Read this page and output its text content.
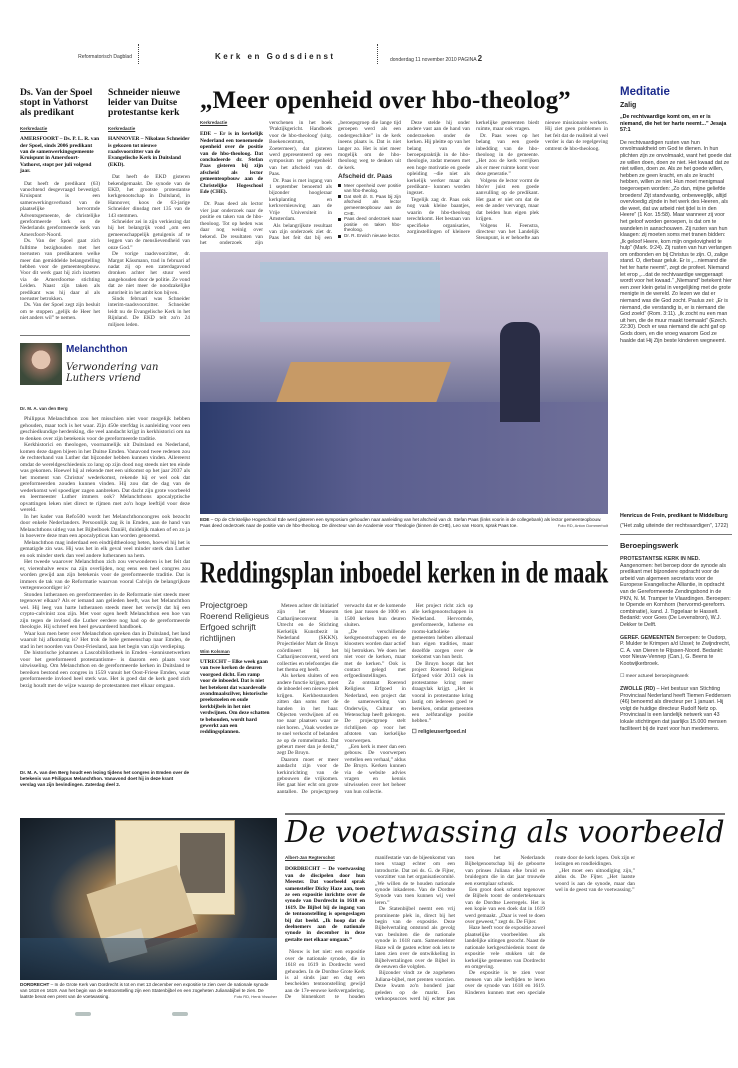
Reformatorisch Dagblad	Kerk en Godsdienst	donderdag 11 november 2010 PAGINA 2
Ds. Van der Spoel stopt in Vathorst als predikant
Kerkredactie
AMERSFOORT – Ds. P. L. R. van der Spoel, sinds 2006 predikant van de samenwerkingsgemeente Kruispunt in Amersfoort-Vathorst, stopt per juli volgend jaar.

Dat heeft de predikant (63) vanochtend desgevraagd bevestigd. Kruispunt is een samenwerkingsverband van de plaatselijke hervormde Adventsgemeente, de christelijke gereformeerde kerk en de Nederlands gereformeerde kerk van Amersfoort-Noord.

Ds. Van der Spoel gaat zich fulltime bezighouden met het toerusten van predikanten welke meer dan gemiddelde belangstelling hebben voor de gemeenteopbouw. Voor dit werk gaat hij zich inzetten via de Amersfoortse stichting Leiden. Naast zijn taken als predikant was hij daar al als toeruster betrokken.

Ds. Van der Spoel zegt zijn besluit om te stoppen „gelijk de Heer het niet anders wil” te nemen.

Schneider nieuwe leider van Duitse protestantse kerk
Kerkredactie
HANNOVER – Nikolaus Schneider is gekozen tot nieuwe raadsvoorzitter van de Evangelische Kerk in Duitsland (EKD).

Dat heeft de EKD gisteren bekendgemaakt. De synode van de EKD, het grootste protestantse kerkgenootschap in Duitsland, in Hannover, koos de 63-jarige Schneider dinsdag met 135 van de 143 stemmen.

Schneider zei in zijn verkiezing dat hij het belangrijk vond „om een gemeenschappelijk getuigenis af te leggen van de menslievendheid van onze God.”

De vorige raadsvoorzitter, dr. Margot Kässmann, trad in februari af nadat zij op een zaterdagavond dronken achter het stuur werd aangehouden door de politie. Ze vond dat ze niet meer de noodzakelijke autoriteit in het ambt kon bijven.

Sinds februari was Schneider interim-raadsvoorzitter. Schneider leidt nu de Evangelische Kerk in het Rijnland. De EKD telt zo'n 24 miljoen leden.

„Meer openheid over hbo-theolog”
Kerkredactie
EDE – Er is in kerkelijk Nederland een toenemende openheid over de positie van de hbo-theoloog. Dat concludeerde dr. Stefan Paas gisteren bij zijn afscheid als lector gemeenteopbouw aan de Christelijke Hogeschool Ede (CHE).

Dr. Paas deed als lector vier jaar onderzoek naar de positie en taken van de hbo-theoloog. Tot op heden was daar nog weinig over bekend. De resultaten van het onderzoek zijn verschenen in het boek 'Praktijkgericht. Handboek voor de hbo-theoloog' (uitg. Boekencentrum, Zoetermeer), dat gisteren werd gepresenteerd op een symposium ter gelegenheid van het afscheid van dr. Paas.

Dr. Paas is met ingang van 1 september benoemd als bijzonder hoogleraar kerkplanting en kerkvernieuwing aan de Vrije Universiteit in Amsterdam.

Als belangrijkste resultaat van zijn onderzoek ziet dr. Paas het feit dat bij een „beroepsgroep die lange tijd geroepen werd als een ondergeschikte” in de kerk ineens plaats is. Dat is niet langer zo. Het is niet meer mogelijk om de hbo-theoloog weg te denken uit de kerk.

Afscheid dr. Paas
Meer openheid over positie van hbo-theolog.
Dat stelt dr. S. Paas bij zijn afscheid als lector gemeenteopbouw aan de CHE.
Paas deed onderzoek naar positie en taken hbo-theoloog.
Dr. R. Erwich nieuwe lector.

Deze stelde hij onder andere vast aan de hand van onderzoeken onder de kerken. Hij pleitte op van het belang van de beroepspraktijk in de hbo-theologie, zodat mensen met een hoge motivatie en goede opleiding –die niet als kerkelijk werker maar als predikant– kunnen worden ingezet.

Tegelijk zag dr. Paas ook nog vaak kleine baantjes, waarin de hbo-theoloog terechtkomt. Het bestaan van specifieke organisaties, zorginstellingen of kleinere kerkelijke gemeenten biedt ruimte, maar ook vragen.

Dr. Paas wees op het belang van een goede inbedding van de hbo-theoloog in de gemeente. „Het zou de kerk verrijken als er meer ruimte komt voor deze generatie.”

Volgens de lector vormt de hbo'er juist een goede aanvulling op de predikant. Het gaat er niet om dat de een de ander vervangt, maar dat beiden hun eigen plek krijgen.

Volgens H. Feenstra, directeur van het Landelijk Steunpunt, is er behoefte aan nieuwe missionaire werkers. Hij ziet geen problemen in het feit dat de realiteit al veel verder is dan de regelgeving omtrent de hbo-theoloog.

EDE – Op de Christelijke Hogeschool Ede werd gisteren een symposium gehouden naar aanleiding van het afscheid van dr. Stefan Paas (links voorin in de collegebank) als lector gemeenteopbouw. Paas deed onderzoek naar de positie van de hbo-theoloog. De directeur van de Academie voor Theologie (binnen de CHE), Leo van Hoorn, sprak Paas toe.	Foto RD, Anton Dommerholt
Melanchthon
Verwondering van Luthers vriend
Dr. M. A. van den Berg

Philippus Melanchthon zou het misschien niet voor mogelijk hebben gehouden, maar toch is het waar. Zijn 450e sterfdag is aanleiding voor een geschiedkundige herdenking, die veel aandacht krijgt in kerkhistorici om na te denken over zijn betekenis voor de gereformeerde traditie.

Kerkhistorici en theologen, voornamelijk uit Duitsland en Nederland, komen deze dagen bijeen in het Duitse Emden. Vanavond twee redenen zou de rechterhand van Luther dat bijzonder hebben kunnen vinden. Allereerst omdat de wereldgeschiedenis zo lang op zijn dood nog steeds niet ten einde was gekomen. Hoewel hij al rekende met een uitkomst op het jaar 2037 als het moment van Christus' wederkomst, rekende hij er wel ook dat gereformeerden zouden kunnen vinden. Hij zou dat de dag van de wederkomst wel spoediger zagen aanbreken. Dat dacht zijn grote voorbeeld en leermeester Luther immers ook? Melanchthons apocalyptische opvattingen leken niet direct te rijmen met zo'n hoge leeftijd voor deze wereld.

In het kader van Refo500 wordt het Melanchthoncongres ook bezocht door enkele Nederlanders. Persoonlijk zag ik in Emden, aan de hand van Melanchthons uitleg van het Bijbelboek Daniël, duidelijk maken of en zo ja in hoeverre deze man een apocalypticus kan worden genoemd.

Melanchthon mag inderdaad een eindtijdtheoloog heten, hoewel hij het is gematigde zin was. Hij was het in elk geval veel minder sterk dan Luther en ook minder sterk dan veel andere lutheranen na hem.

Het tweede waarover Melanchthon zich zou verwonderen is het feit dat er, vierenhalve eeuw na zijn overlijden, nog eens een heel congres zou worden gewijd aan zijn betekenis voor de gereformeerde traditie. Dat is immers de tak van de Reformatie waarvan vooral Calvijn de belangrijkste vertegenwoordiger is?

Stonden lutheranen en gereformeerden in de Reformatie niet steeds meer tegenover elkaar? Als er iemand aan gelieden heeft, was het Melanchthon wel. Hij leeg van harte lutheranen steeds meer het verwijt dat hij een crypto-calvinist zou zijn. Met voor ogen heeft Melanchthon een hoe van zijn tegen de invloed die Luther eerdere nog had op de gereformeerde theologie. Hij schreef een heel gewaardeerd handboek.

Waar kun men beter over Melanchthon spreken dan in Duitsland, het land waaruit hij afkomstig is? Het trok de hele gemeenschap naar Emden, de stad in het noorden van Oost-Friesland, aan het begin van zijn verdieping.

De historische johannes a Lascobibliotheek in Emden –kennisnetwerken voor het gereformeerd protestantisme– is daarom een plaats voor uitwisseling. Om Melanchthon en de gereformeerde kerken in Duitsland te bereiken bestond een congres in 1559 vanuit het Oost-Friese Emden, waar gereformeerde invloed heel sterk was. Het is goed dat de kerk goed zich bezig houdt met de wijze waarop de protestanten met elkaar omgaan.

Dr. M. A. van den Berg houdt een lezing tijdens het congres in Emden over de betekenis van Philippus Melanchthon. Vanavond doet hij in deze krant verslag van zijn bevindingen. Zaterdag deel 2.
Reddingsplan inboedel kerken in de maak
Projectgroep Roerend Religieus Erfgoed schrijft richtlijnen
Wim Kolsman
UTRECHT – Elke week gaan van twee kerken de deuren voorgoed dicht. Een ramp voor de inboedel. Dat is niet het betekent dat waardevolle avondmaalszilver, historische preekstoelen en oude kerkbijbels in het niet verdwijnen. Om deze schatten te behouden, wordt hard gewerkt aan een reddingsplannen.

Meteen achter dit initiatief zijn het Museum Catharijneconvent in Utrecht en de Stichting Kerkelijk Kunstbezit in Nederland (SKKN). Projectleider Mart de Bruyn coördineert bij het Catharijneconvent, werd om collecties en telefoontjes die het thema erg heeft.

Als kerken sluiten of een andere functie krijgen, moet de inboedel een nieuwe plek krijgen. Kerkbestuurders zitten dan soms met de handen in het haar. Objecten verdwijnen af en toe naar plaatsen waar ze niet horen. „Vaak worden ze te snel verkocht of belanden ze op de rommelmarkt. Dat gebeurt meer dan je denkt,” zegt De Bruyn.

Daarom moet er meer aandacht zijn voor de kerkinrichting van de gebouwen die vrijkomen. Het gaat hier echt om grote aantallen. De projectgroep verwacht dat er de komende tien jaar tussen de 1000 en 1500 kerken hun deuren sluiten.

„De verschillende kerkgenootschappen en de kloosters worden daar actief bij betrokken. We doen het niet voor de kerken, maar met de kerken.” Ook is contact gelegd met erfgoedinstellingen.

Zo ontstaat Roerend Religieus Erfgoed in Nederland, een project dat de samenwerking van Onderwijs, Cultuur en Wetenschap heeft gekregen. De projectgroep stelt richtlijnen op voor het afstoten van kerkelijke voorwerpen.

„Een kerk is meer dan een gebouw. De voorwerpen vertellen een verhaal,” aldus De Bruyn. Kerken kunnen via de website advies vragen en kennis uitwisselen over het beheer van hun collectie.

Het project richt zich op alle kerkgenootschappen in Nederland. Hervormde, gereformeerde, lutherse en rooms-katholieke gemeenten hebben allemaal hun eigen tradities, maar dezelfde zorgen over de toekomst van hun bezit.

De Bruyn hoopt dat het project Roerend Religieus Erfgoed vóór 2013 ook in protestantse kring meer draagvlak krijgt. „Het is vooral in protestantse kring lastig om iedereen goed te bereiken, omdat gemeenten een zelfstandige positie hebben.”

☐ religieuserfgoed.nl
Meditatie
Zalig
„De rechtvaardige komt om, en er is niemand, die het ter harte neemt...” Jesaja 57:1
De rechtvaardigen rusten van hun onvolmaaktheid om God te dienen. In hun plichten zijn ze onvolmaakt, want het goede dat ze willen doen, doen ze niet. Het kwaad dat ze niet willen, doen ze. Als ze het goede willen, hebben ze geen kracht, en als ze kracht hebben, willen ze niet. Hun moet menigmaal toegeroepen worden: „Zo dan, mijne geliefde broeders! Zijt standvastig, onbeweeglijk, altijd overvloedig zijnde in het werk des Heeren, als die weet, dat uw arbeid niet ijdel is in den Heere” (1 Kor. 15:58). Maar wanneer zij voor het geloof worden geroepen, is dat om te wandelen in aanschouwen. Zij rusten van hun klaagen: zij moeten soms met tranen bidden: „Ik geloof Heere, kom mijn ongelovigheid te hulp” (Mark. 9:24). Zij rusten van hun verlangen om ontbonden en bij Christus te zijn. O, zalige stand. O, dierbaar geluk. Er is „...niemand die het ter harte neemt”, zegt de profeet. Niemand let erop „...dat de rechtvaardige weggeraapt wordt voor het kwaad.” „Niemand” betekent hier een zeer klein getal in vergelijking met de grote menigte in de wereld. Zo lezen we dat er niemand was die God zocht. Paulus zei: „Er is niemand, die verstandig is, er is niemand die God zoekt” (Rom. 3:11). „Ik zocht nu een man uit hen, die de muur maakt toemaakt” (Ezech. 22:30). Doch er was niemand die acht gaf op Gods doen, en die vroeg waarom God ze haalde dat Hij Zijn beste kinderen wegneemt.
Henricus de Frein, predikant te Middelburg
("Het zalig uiteinde der rechtvaardigen", 1722)
Beroepingswerk
PROTESTANTSE KERK IN NED. Aangenomen: het beroep door de synode als predikant met bijzondere opdracht voor de arbeid van algemeen secretaris voor de Europese Evangelische Alliantie, in opdracht van de Gereformeerde Zendingsbond in de PKN, N. M. Tramper te Vlaardingen. Beroepen: te Opende en Kornhorn (hervormd-gereform. combinatie), kand. J. Tiggelaar te Hasselt. Bedankt: voor Goes (De Levensbron), W.J. Dekker te Delft.
GEREF. GEMEENTEN Beroepen: te Oudorp, P. Mulder te Krimpen a/d IJssel; te Zwijndrecht, C. A. van Dieren te Rijssen-Noord. Bedankt: voor Nieuw-Vennep (Can.), G. Beens te Kootwijkerbroek.
☐ meer actueel beroepingswerk
ZWOLLE (RD) – Het bestuur van Stichting Provinciaal Nederland heeft Tiemen Feddersen (46) benoemd als directeur per 1 januari. Hij volgt de huidige directeur Rudolf Netz op. Provinciaal is een landelijk netwerk van 43 lokale stichtingen dat jaarlijks 15.000 mensen faciliteert bij de inzet voor hun medemens.
De voetwassing als voorbeeld
DORDRECHT – In de Grote Kerk van Dordrecht is tot en met 13 december een expositie te zien over de nationale synode van 1618 en 1619. Aan het begin van de tentoonstelling zijn een Statenbijbel en een zogeheten Julianabijbel te zien. De laatste bevat een prent van de voetwassing.	Foto RD, Henk Visscher
Albert-Jan Regterschot
DORDRECHT – De voetwassing van de discipelen door hun Meester. Dat voorbeeld sprak samensteller Dicky Haze aan, toen ze een expositie inrichtte over de synode van Dordrecht in 1618 en 1619. De Bijbel bij de ingang van de tentoonstelling is opengeslagen bij dat beeld. „Ik hoop dat de deelnemers aan de nationale synode in december in deze gestalte met elkaar omgaan.”

Nieuw is het niet: een expositie over de nationale synode, die in 1618 en 1619 in Dordrecht werd gehouden. In de Dordtse Grote Kerk is al sinds jaar en dag een bescheiden tentoonstelling gewijd aan de 17e-eeuwse kerkvergadering. De binnenkort te houden manifestatie van de bijeenkomst van toen vraagt echter om een introductie. Dat zei ds. G. de Fijter, voorzitter van het organisatiecomité. „We willen de te houden nationale synode inkaderen. Van de Dordtse Synode van toen kunnen wij veel leren.”

De Statenbijbel neemt een vrij prominente plek in, direct bij het begin van de expositie. Deze Bijbelvertaling ontstond als gevolg van besluiten die de nationale synode in 1618 nam. Samenstelster Haze wil de gasten echter ook iets te laten zien over de ontwikkeling in Bijbelvertalingen over de Bijbel in de eeuwen die volgden.

Bijzonder vindt ze de zogeheten Juliana-bijbel, met prenten voorzien. Deze kwam zo'n honderd jaar geleden op de markt. Een verkoopsucces werd hij echter pas toen het Nederlands Bijbelgenootschap bij de geboorte van prinses Juliana elke bruid en bruidegom die in dat jaar trouwde een exemplaar schonk.

Een groot doek schetst tegenover de Bijbels toont de ondertekenaars van de Dordtse Leerregels. Het is een kopie van een doek dat in 1619 werd gemaakt. „Daar is veel te doen over geweest,” zegt ds. De Fijter.

Haze heeft voor de expositie zowel plaatselijke voorbeelden als landelijke uitingen gezocht. Naast de nationale kerkgeschiedenis toont de expositie vele stukken uit de kerkelijke gemeenten van Dordrecht en omgeving.

De expositie is te zien voor mensen van alle leeftijden te leren over de synode van 1618 en 1619. Kinderen kunnen met een speciale route door de kerk lopen. Ook zijn er lezingen en rondleidingen.

„Het moet een uitnodiging zijn,” aldus ds. De Fijter. „Het laatste woord is aan de synode, maar dan wel in de geest van de voetwassing.”
